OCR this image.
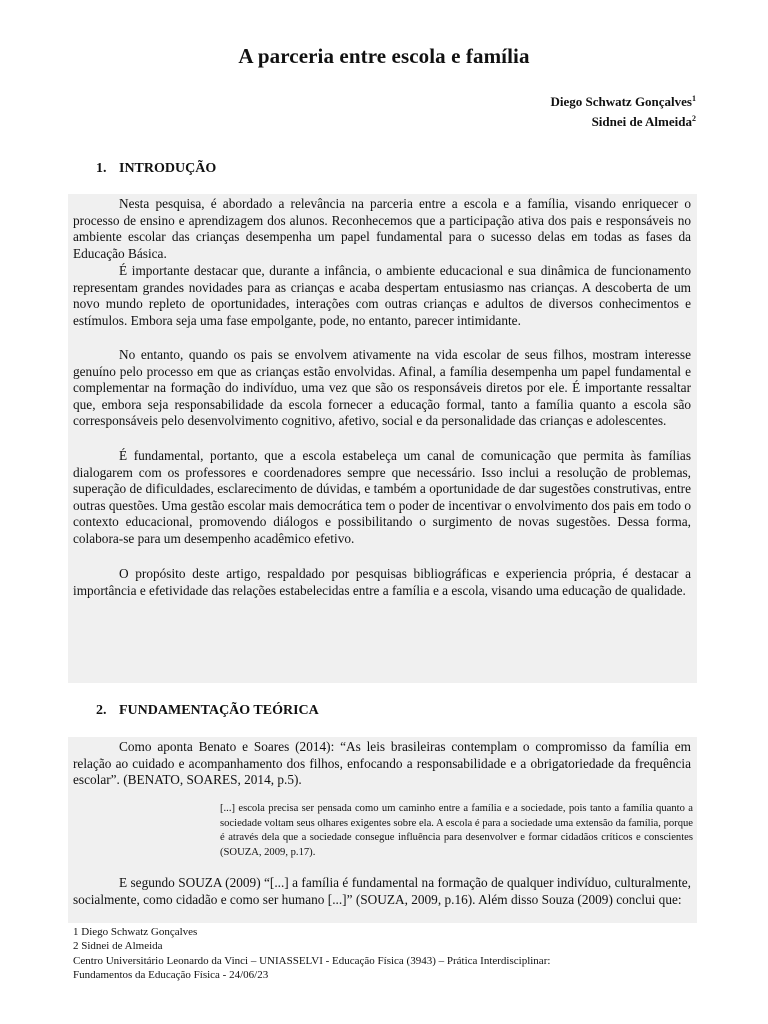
A parceria entre escola e família
Diego Schwatz Gonçalves$^1$
Sidnei de Almeida$^2$
1. INTRODUÇÃO

Nesta pesquisa, é abordado a relevância na parceria entre a escola e a família, visando enriquecer o processo de ensino e aprendizagem dos alunos. Reconhecemos que a participação ativa dos pais e responsáveis no ambiente escolar das crianças desempenha um papel fundamental para o sucesso delas em todas as fases da Educação Básica.

É importante destacar que, durante a infância, o ambiente educacional e sua dinâmica de funcionamento representam grandes novidades para as crianças e acaba despertam entusiasmo nas crianças. A descoberta de um novo mundo repleto de oportunidades, interações com outras crianças e adultos de diversos conhecimentos e estímulos. Embora seja uma fase empolgante, pode, no entanto, parecer intimidante.

No entanto, quando os pais se envolvem ativamente na vida escolar de seus filhos, mostram interesse genuíno pelo processo em que as crianças estão envolvidas. Afinal, a família desempenha um papel fundamental e complementar na formação do indivíduo, uma vez que são os responsáveis diretos por ele. É importante ressaltar que, embora seja responsabilidade da escola fornecer a educação formal, tanto a família quanto a escola são corresponsáveis pelo desenvolvimento cognitivo, afetivo, social e da personalidade das crianças e adolescentes.

É fundamental, portanto, que a escola estabeleça um canal de comunicação que permita às famílias dialogarem com os professores e coordenadores sempre que necessário. Isso inclui a resolução de problemas, superação de dificuldades, esclarecimento de dúvidas, e também a oportunidade de dar sugestões construtivas, entre outras questões. Uma gestão escolar mais democrática tem o poder de incentivar o envolvimento dos pais em todo o contexto educacional, promovendo diálogos e possibilitando o surgimento de novas sugestões. Dessa forma, colabora-se para um desempenho acadêmico efetivo.

O propósito deste artigo, respaldado por pesquisas bibliográficas e experiencia própria, é destacar a importância e efetividade das relações estabelecidas entre a família e a escola, visando uma educação de qualidade.

2. FUNDAMENTAÇÃO TEÓRICA

Como aponta Benato e Soares (2014): “As leis brasileiras contemplam o compromisso da família em relação ao cuidado e acompanhamento dos filhos, enfocando a responsabilidade e a obrigatoriedade da frequência escolar”. (BENATO, SOARES, 2014, p.5).

[...] escola precisa ser pensada como um caminho entre a família e a sociedade, pois tanto a família quanto a sociedade voltam seus olhares exigentes sobre ela. A escola é para a sociedade uma extensão da família, porque é através dela que a sociedade consegue influência para desenvolver e formar cidadãos críticos e conscientes (SOUZA, 2009, p.17).

E segundo SOUZA (2009) “[...] a família é fundamental na formação de qualquer indivíduo, culturalmente, socialmente, como cidadão e como ser humano [...]” (SOUZA, 2009, p.16). Além disso Souza (2009) conclui que:

1 Diego Schwatz Gonçalves
2 Sidnei de Almeida
Centro Universitário Leonardo da Vinci – UNIASSELVI - Educação Física (3943) – Prática Interdisciplinar:
Fundamentos da Educação Física - 24/06/23
